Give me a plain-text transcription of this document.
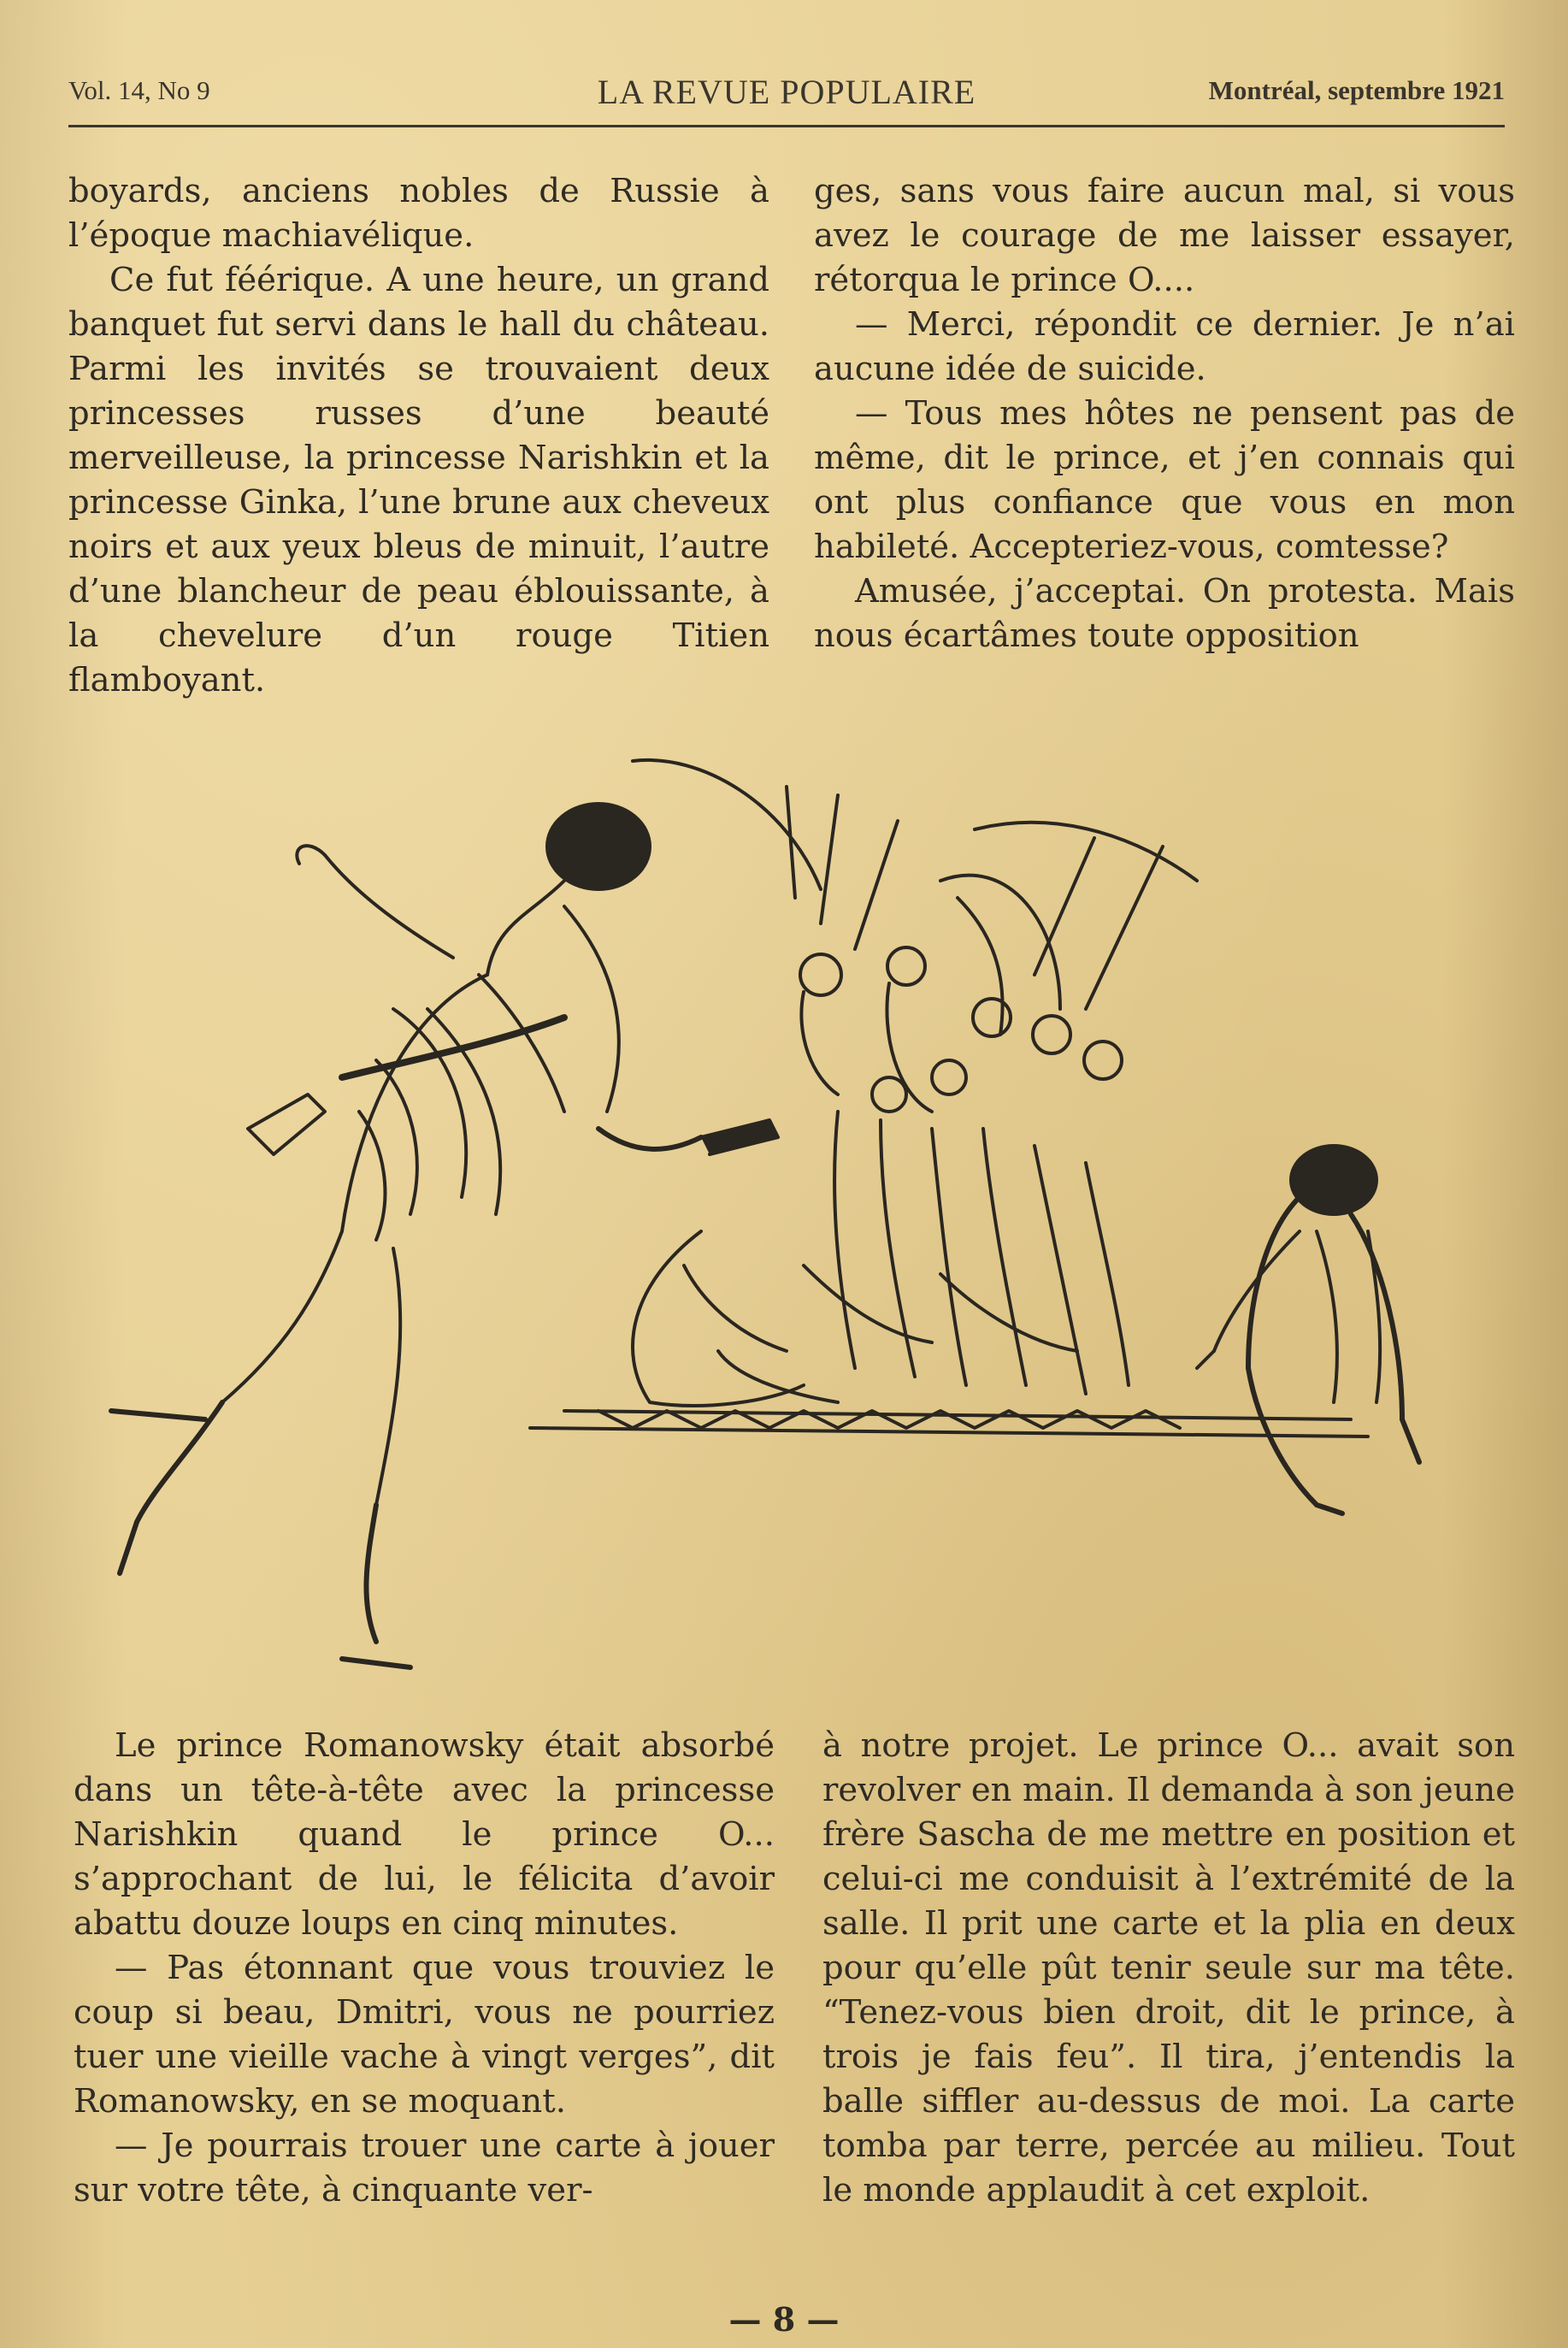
Vol. 14, No 9	LA REVUE POPULAIRE	Montréal, septembre 1921

boyards, anciens nobles de Russie à l’époque machiavélique.

Ce fut féérique. A une heure, un grand banquet fut servi dans le hall du château. Parmi les invités se trouvaient deux princesses russes d’une beauté merveilleuse, la princesse Narishkin et la princesse Ginka, l’une brune aux cheveux noirs et aux yeux bleus de minuit, l’autre d’une blancheur de peau éblouissante, à la chevelure d’un rouge Titien flamboyant.

ges, sans vous faire aucun mal, si vous avez le courage de me laisser essayer, rétorqua le prince O....

— Merci, répondit ce dernier. Je n’ai aucune idée de suicide.

— Tous mes hôtes ne pensent pas de même, dit le prince, et j’en connais qui ont plus confiance que vous en mon habileté. Accepteriez-vous, comtesse?

Amusée, j’acceptai. On protesta. Mais nous écartâmes toute opposition

Le prince Romanowsky était absorbé dans un tête-à-tête avec la princesse Narishkin quand le prince O... s’approchant de lui, le félicita d’avoir abattu douze loups en cinq minutes.

— Pas étonnant que vous trouviez le coup si beau, Dmitri, vous ne pourriez tuer une vieille vache à vingt verges”, dit Romanowsky, en se moquant.

— Je pourrais trouer une carte à jouer sur votre tête, à cinquante ver-

à notre projet. Le prince O... avait son revolver en main. Il demanda à son jeune frère Sascha de me mettre en position et celui-ci me conduisit à l’extrémité de la salle. Il prit une carte et la plia en deux pour qu’elle pût tenir seule sur ma tête. “Tenez-vous bien droit, dit le prince, à trois je fais feu”. Il tira, j’entendis la balle siffler au-dessus de moi. La carte tomba par terre, percée au milieu. Tout le monde applaudit à cet exploit.

— 8 —
